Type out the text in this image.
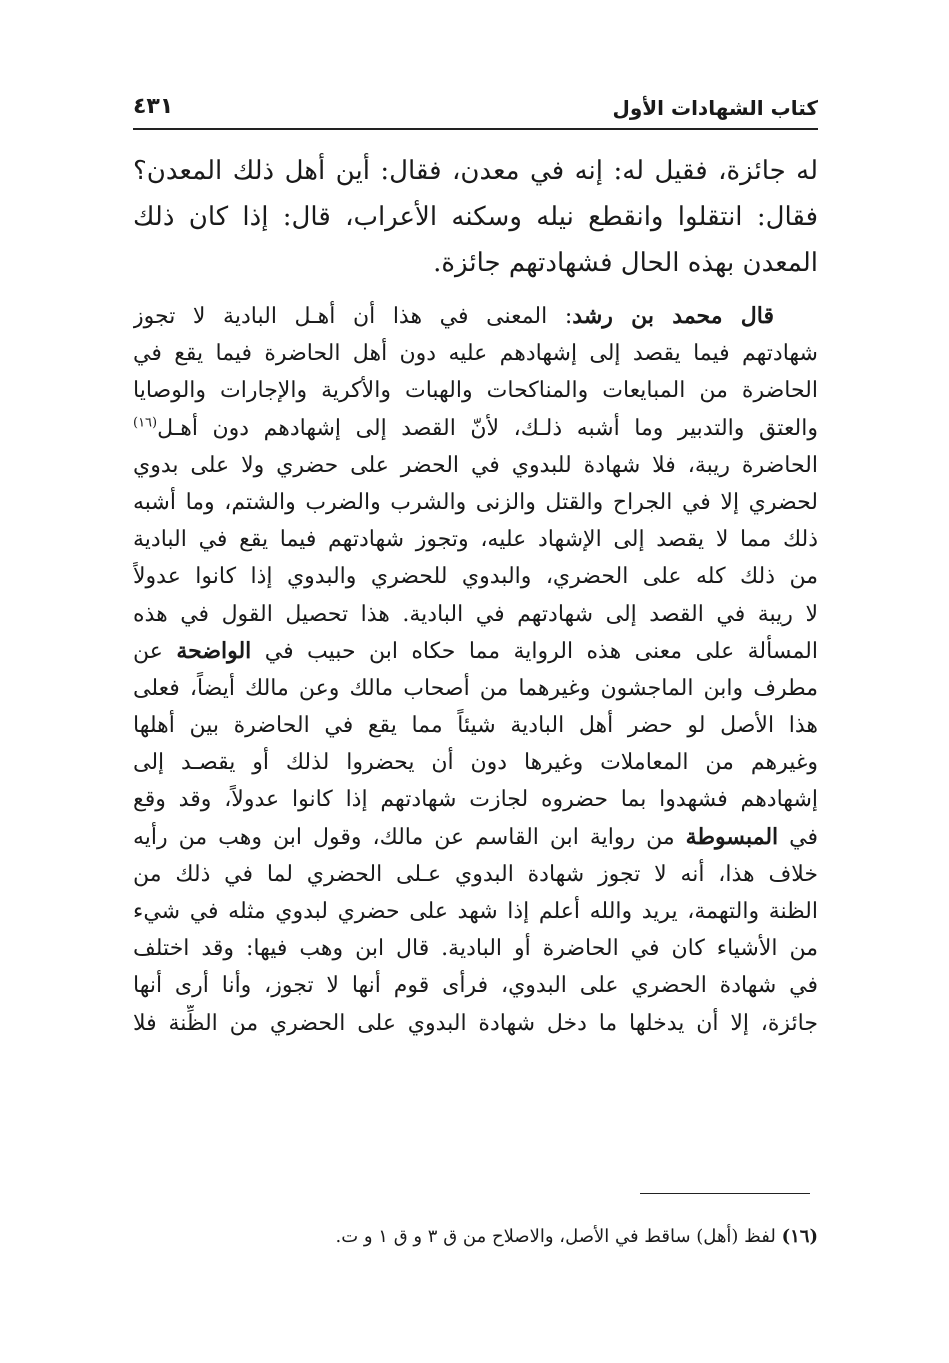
كتاب الشهادات الأول
٤٣١
له جائزة، فقيل له: إنه في معدن، فقال: أين أهل ذلك المعدن؟
فقال: انتقلوا وانقطع نيله وسكنه الأعراب، قال: إذا كان ذلك
المعدن بهذه الحال فشهادتهم جائزة.
  قال محمد بن رشد: المعنى في هذا أن أهـل البادية لا تجوز
شهادتهم فيما يقصد إلى إشهادهم عليه دون أهل الحاضرة فيما يقع في
الحاضرة من المبايعات والمناكحات والهبات والأكرية والإجارات والوصايا
والعتق والتدبير وما أشبه ذلـك، لأنّ القصد إلى إشهادهم دون أهـل$^{(١٦)}$
الحاضرة ريبة، فلا شهادة للبدوي في الحضر على حضري ولا على بدوي
لحضري إلا في الجراح والقتل والزنى والشرب والضرب والشتم، وما أشبه
ذلك مما لا يقصد إلى الإشهاد عليه، وتجوز شهادتهم فيما يقع في البادية
من ذلك كله على الحضري، والبدوي للحضري والبدوي إذا كانوا عدولاً
لا ريبة في القصد إلى شهادتهم في البادية. هذا تحصيل القول في هذه
المسألة على معنى هذه الرواية مما حكاه ابن حبيب في الواضحة عن
مطرف وابن الماجشون وغيرهما من أصحاب مالك وعن مالك أيضاً، فعلى
هذا الأصل لو حضر أهل البادية شيئاً مما يقع في الحاضرة بين أهلها
وغيرهم من المعاملات وغيرها دون أن يحضروا لذلك أو يقصـد إلى
إشهادهم فشهدوا بما حضروه لجازت شهادتهم إذا كانوا عدولاً، وقد وقع
في المبسوطة من رواية ابن القاسم عن مالك، وقول ابن وهب من رأيه
خلاف هذا، أنه لا تجوز شهادة البدوي عـلى الحضري لما في ذلك من
الظنة والتهمة، يريد والله أعلم إذا شهد على حضري لبدوي مثله في شيء
من الأشياء كان في الحاضرة أو البادية. قال ابن وهب فيها: وقد اختلف
في شهادة الحضري على البدوي، فرأى قوم أنها لا تجوز، وأنا أرى أنها
جائزة، إلا أن يدخلها ما دخل شهادة البدوي على الحضري من الظِّنة فلا
(١٦) لفظ (أهل) ساقط في الأصل، والاصلاح من ق ٣ و ق ١ و ت.
